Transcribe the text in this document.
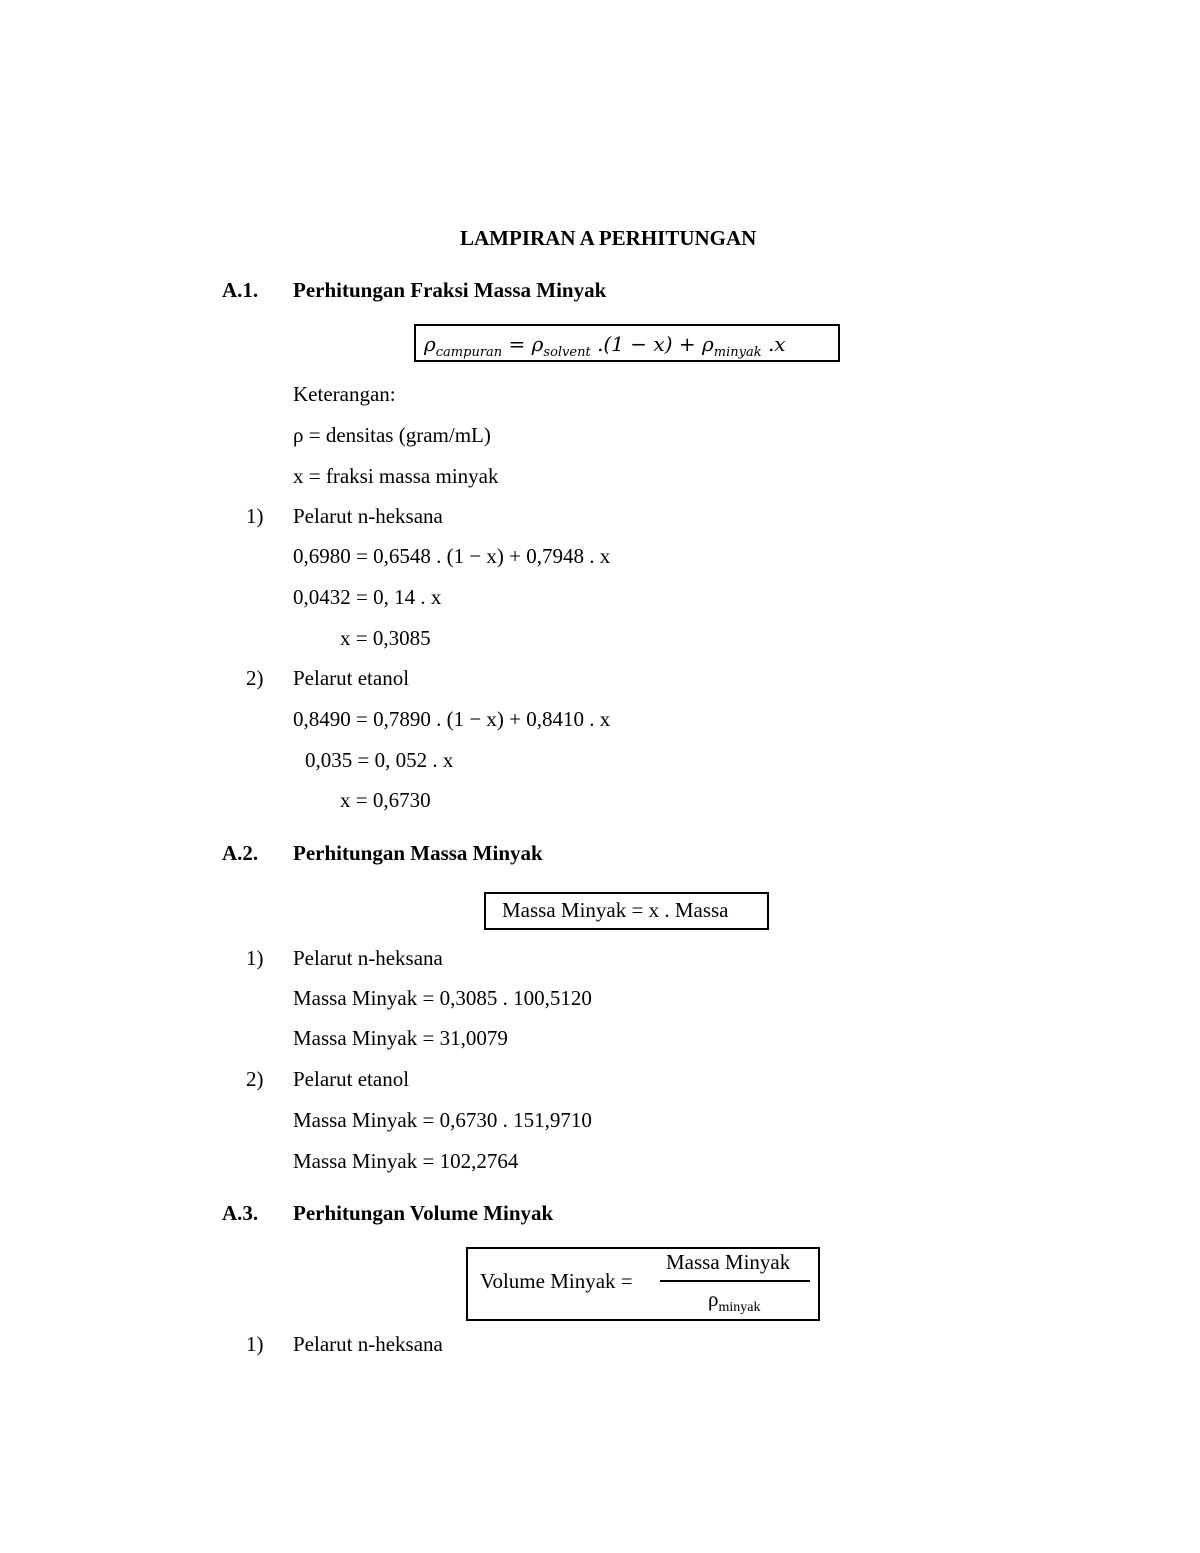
LAMPIRAN A PERHITUNGAN
A.1. Perhitungan Fraksi Massa Minyak
$\rho_{campuran} = \rho_{solvent}$ $.(1 - x) + \rho_{minyak}$ .x
Keterangan:
ρ = densitas (gram/mL)
x = fraksi massa minyak
1) Pelarut n-heksana
0,6980 = 0,6548 . (1 − x) + 0,7948 . x
0,0432 = 0, 14 . x
x = 0,3085
2) Pelarut etanol
0,8490 = 0,7890 . (1 − x) + 0,8410 . x
0,035 = 0, 052 . x
x = 0,6730
A.2. Perhitungan Massa Minyak
Massa Minyak = x . Massa
1) Pelarut n-heksana
Massa Minyak = 0,3085 . 100,5120
Massa Minyak = 31,0079
2) Pelarut etanol
Massa Minyak = 0,6730 . 151,9710
Massa Minyak = 102,2764
A.3. Perhitungan Volume Minyak
Volume Minyak =
Massa Minyak
$\rho_{minyak}$
1) Pelarut n-heksana
